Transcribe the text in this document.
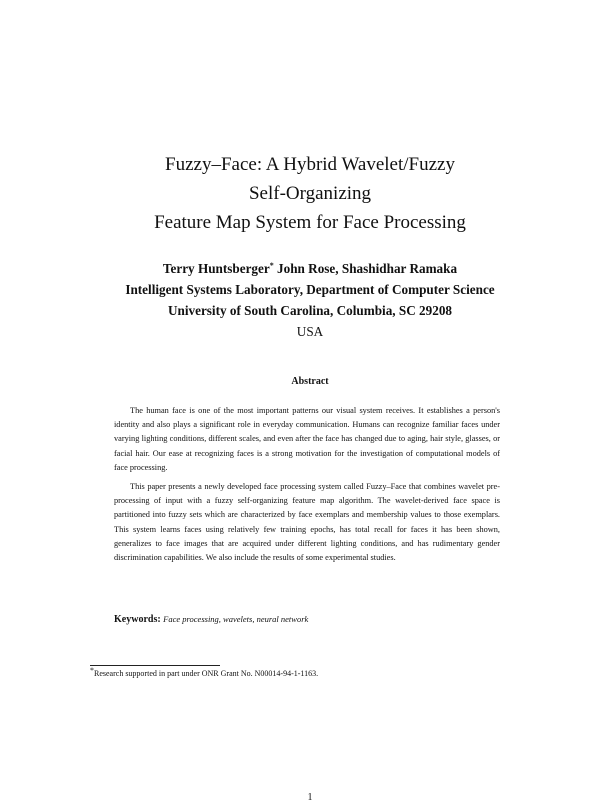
Fuzzy–Face: A Hybrid Wavelet/Fuzzy
Self-Organizing
Feature Map System for Face Processing
Terry Huntsberger* John Rose, Shashidhar Ramaka
Intelligent Systems Laboratory, Department of Computer Science
University of South Carolina, Columbia, SC 29208
USA
Abstract

The human face is one of the most important patterns our visual system receives. It establishes a person's identity and also plays a significant role in everyday communication. Humans can recognize familiar faces under varying lighting conditions, different scales, and even after the face has changed due to aging, hair style, glasses, or facial hair. Our ease at recognizing faces is a strong motivation for the investigation of computational models of face processing.

This paper presents a newly developed face processing system called Fuzzy–Face that combines wavelet pre-processing of input with a fuzzy self-organizing feature map algorithm. The wavelet-derived face space is partitioned into fuzzy sets which are characterized by face exemplars and membership values to those exemplars. This system learns faces using relatively few training epochs, has total recall for faces it has been shown, generalizes to face images that are acquired under different lighting conditions, and has rudimentary gender discrimination capabilities. We also include the results of some experimental studies.

Keywords: Face processing, wavelets, neural network
*Research supported in part under ONR Grant No. N00014-94-1-1163.
1
